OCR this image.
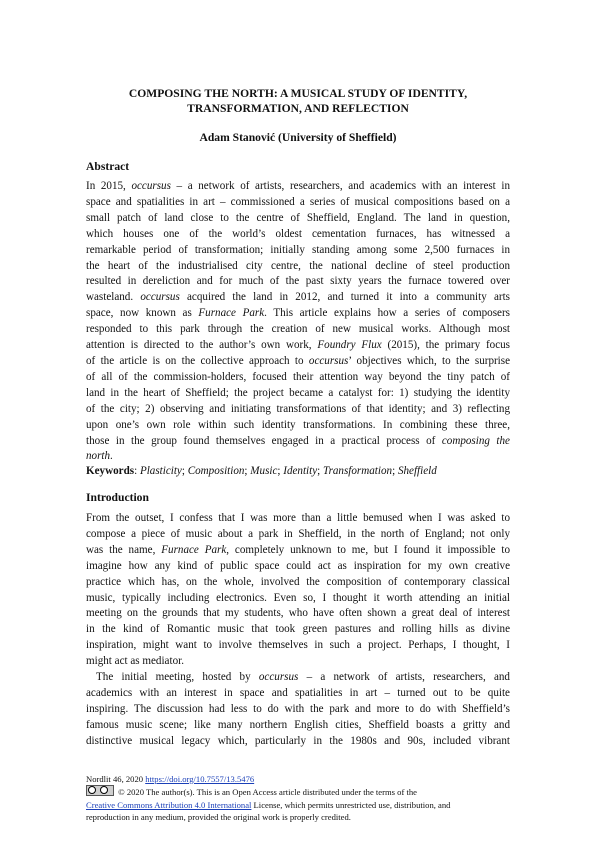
COMPOSING THE NORTH: A MUSICAL STUDY OF IDENTITY,
TRANSFORMATION, AND REFLECTION
Adam Stanović (University of Sheffield)
Abstract
In 2015, occursus – a network of artists, researchers, and academics with an interest in
space and spatialities in art – commissioned a series of musical compositions based on a
small patch of land close to the centre of Sheffield, England. The land in question,
which houses one of the world’s oldest cementation furnaces, has witnessed a
remarkable period of transformation; initially standing among some 2,500 furnaces in
the heart of the industrialised city centre, the national decline of steel production
resulted in dereliction and for much of the past sixty years the furnace towered over
wasteland. occursus acquired the land in 2012, and turned it into a community arts
space, now known as Furnace Park. This article explains how a series of composers
responded to this park through the creation of new musical works. Although most
attention is directed to the author’s own work, Foundry Flux (2015), the primary focus
of the article is on the collective approach to occursus’ objectives which, to the surprise
of all of the commission-holders, focused their attention way beyond the tiny patch of
land in the heart of Sheffield; the project became a catalyst for: 1) studying the identity
of the city; 2) observing and initiating transformations of that identity; and 3) reflecting
upon one’s own role within such identity transformations. In combining these three,
those in the group found themselves engaged in a practical process of composing the
north.
Keywords: Plasticity; Composition; Music; Identity; Transformation; Sheffield
Introduction
From the outset, I confess that I was more than a little bemused when I was asked to
compose a piece of music about a park in Sheffield, in the north of England; not only
was the name, Furnace Park, completely unknown to me, but I found it impossible to
imagine how any kind of public space could act as inspiration for my own creative
practice which has, on the whole, involved the composition of contemporary classical
music, typically including electronics. Even so, I thought it worth attending an initial
meeting on the grounds that my students, who have often shown a great deal of interest
in the kind of Romantic music that took green pastures and rolling hills as divine
inspiration, might want to involve themselves in such a project. Perhaps, I thought, I
might act as mediator.
The initial meeting, hosted by occursus – a network of artists, researchers, and
academics with an interest in space and spatialities in art – turned out to be quite
inspiring. The discussion had less to do with the park and more to do with Sheffield’s
famous music scene; like many northern English cities, Sheffield boasts a gritty and
distinctive musical legacy which, particularly in the 1980s and 90s, included vibrant
Nordlit 46, 2020 https://doi.org/10.7557/13.5476
© 2020 The author(s). This is an Open Access article distributed under the terms of the
Creative Commons Attribution 4.0 International License, which permits unrestricted use, distribution, and
reproduction in any medium, provided the original work is properly credited.
